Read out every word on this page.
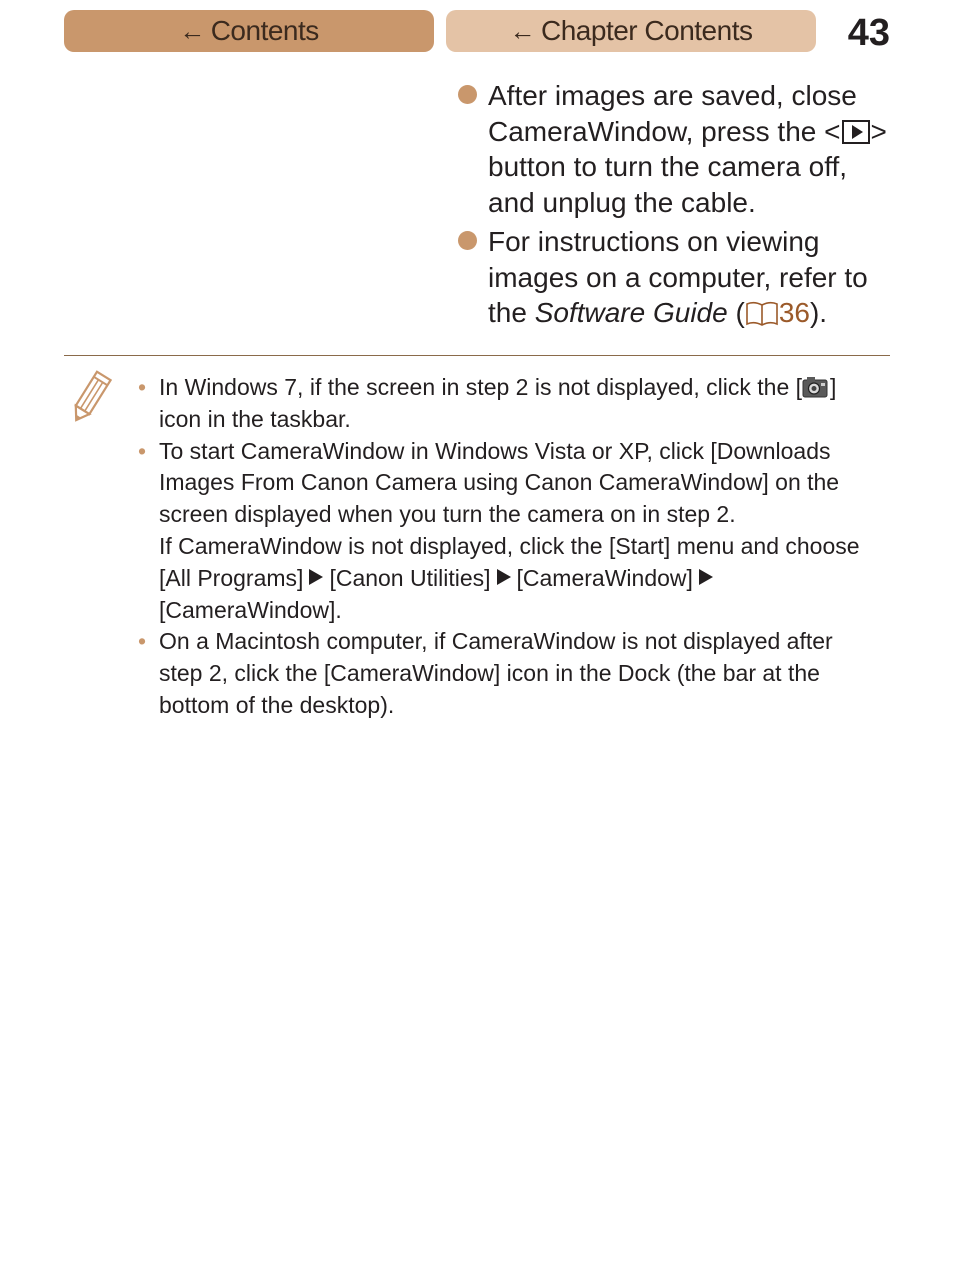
← Contents	← Chapter Contents	43
After images are saved, close CameraWindow, press the < > button to turn the camera off, and unplug the cable.
For instructions on viewing images on a computer, refer to the Software Guide ( 36).
• In Windows 7, if the screen in step 2 is not displayed, click the [ ] icon in the taskbar.
• To start CameraWindow in Windows Vista or XP, click [Downloads Images From Canon Camera using Canon CameraWindow] on the screen displayed when you turn the camera on in step 2.
If CameraWindow is not displayed, click the [Start] menu and choose [All Programs] [Canon Utilities] [CameraWindow][CameraWindow].
• On a Macintosh computer, if CameraWindow is not displayed after step 2, click the [CameraWindow] icon in the Dock (the bar at the bottom of the desktop).
